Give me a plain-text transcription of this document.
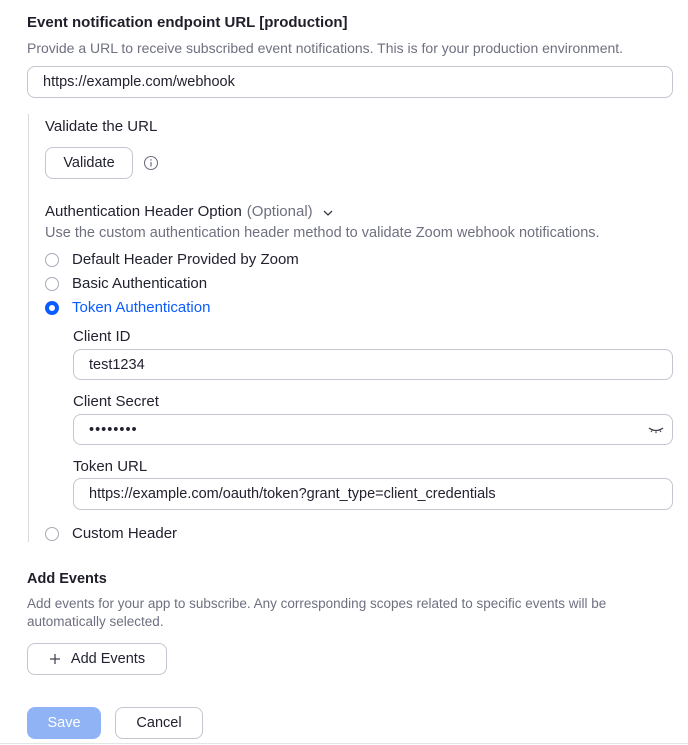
Event notification endpoint URL [production]
Provide a URL to receive subscribed event notifications. This is for your production environment.
https://example.com/webhook
Validate the URL
Validate
Authentication Header Option (Optional)
Use the custom authentication header method to validate Zoom webhook notifications.
Default Header Provided by Zoom
Basic Authentication
Token Authentication
Client ID
test1234
Client Secret
••••••••
Token URL
https://example.com/oauth/token?grant_type=client_credentials
Custom Header
Add Events
Add events for your app to subscribe. Any corresponding scopes related to specific events will be
automatically selected.
Add Events
Save	Cancel
